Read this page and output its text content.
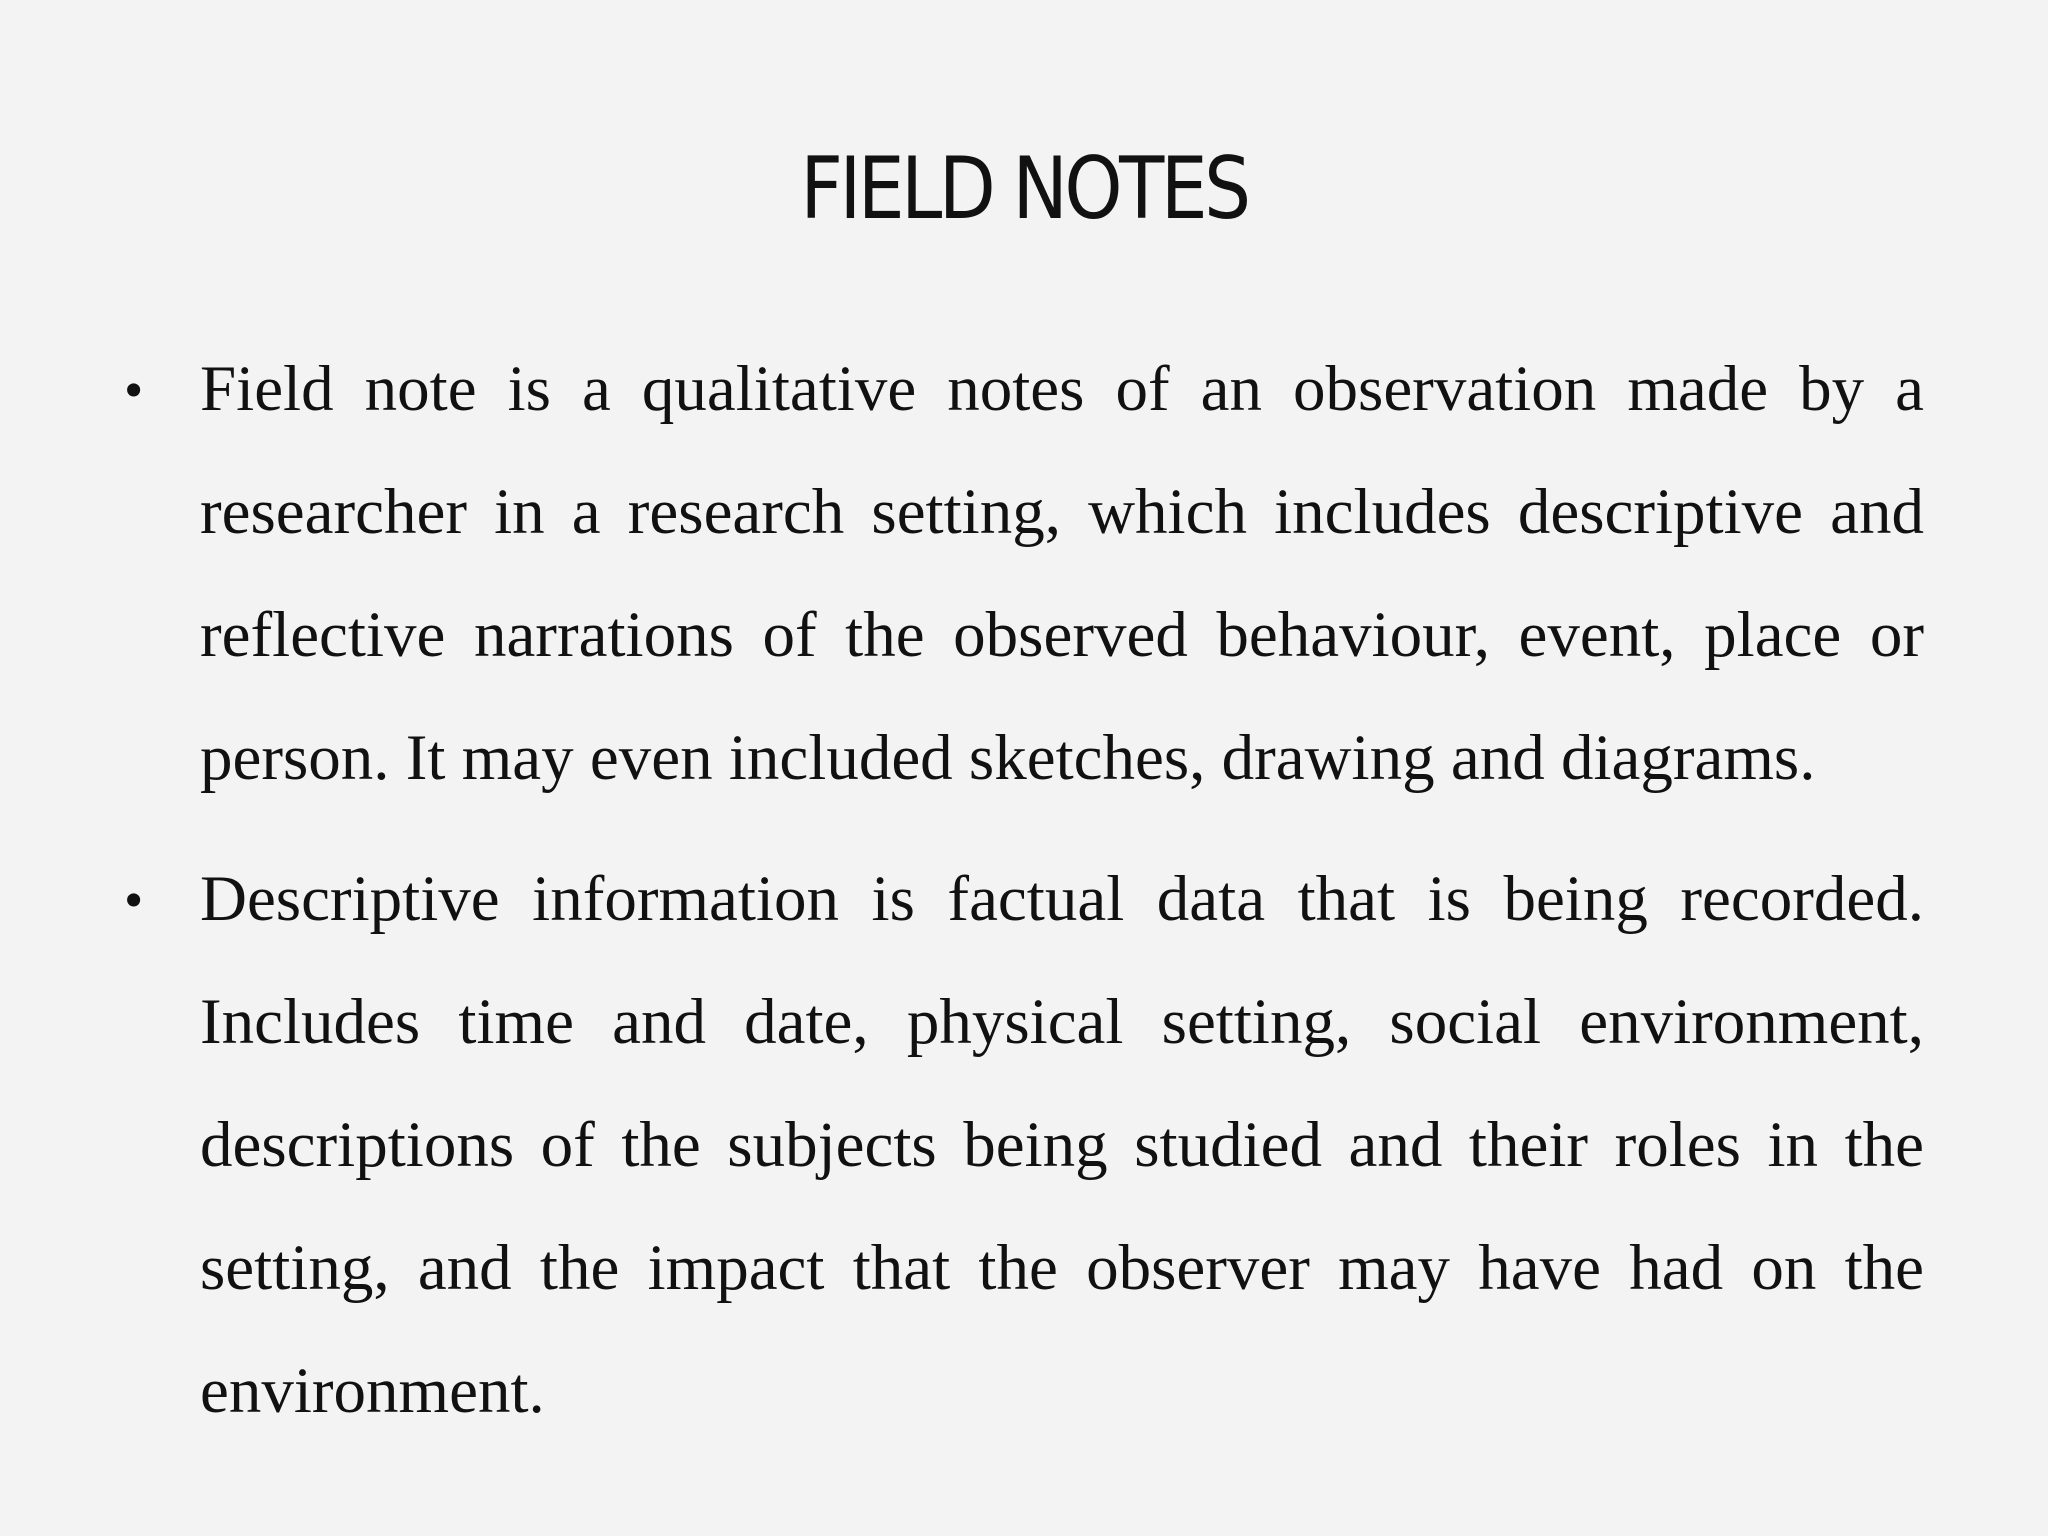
FIELD NOTES
• Field note is a qualitative notes of an observation made by a researcher in a research setting, which includes descriptive and reflective narrations of the observed behaviour, event, place or person. It may even included sketches, drawing and diagrams.
• Descriptive information is factual data that is being recorded. Includes time and date, physical setting, social environment, descriptions of the subjects being studied and their roles in the setting, and the impact that the observer may have had on the environment.
